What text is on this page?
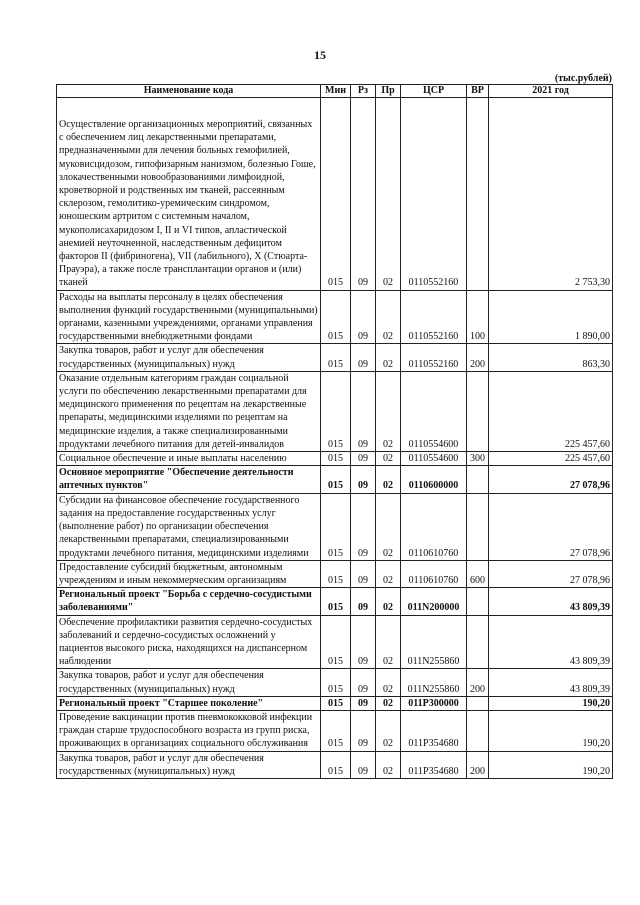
15
(тыс.рублей)
Наименование кода	Мин	Рз	Пр	ЦСР	ВР	2021 год
Осуществление организационных мероприятий, связанных с обеспечением лиц лекарственными препаратами, предназначенными для лечения больных гемофилией, муковисцидозом, гипофизарным нанизмом, болезнью Гоше, злокачественными новообразованиями лимфоидной, кроветворной и родственных им тканей, рассеянным склерозом, гемолитико-уремическим синдромом, юношеским артритом с системным началом, мукополисахаридозом I, II и VI типов, апластической анемией неуточненной, наследственным дефицитом факторов II (фибриногена), VII (лабильного), X (Стюарта-Прауэра), а также после трансплантации органов и (или) тканей	015	09	02	0110552160		2 753,30
Расходы на выплаты персоналу в целях обеспечения выполнения функций государственными (муниципальными) органами, казенными учреждениями, органами управления государственными внебюджетными фондами	015	09	02	0110552160	100	1 890,00
Закупка товаров, работ и услуг для обеспечения государственных (муниципальных) нужд	015	09	02	0110552160	200	863,30
Оказание отдельным категориям граждан социальной услуги по обеспечению лекарственными препаратами для медицинского применения по рецептам на лекарственные препараты, медицинскими изделиями по рецептам на медицинские изделия, а также специализированными продуктами лечебного питания для детей-инвалидов	015	09	02	0110554600		225 457,60
Социальное обеспечение и иные выплаты населению	015	09	02	0110554600	300	225 457,60
Основное мероприятие "Обеспечение деятельности аптечных пунктов"	015	09	02	0110600000		27 078,96
Субсидии на финансовое обеспечение государственного задания на предоставление государственных услуг (выполнение работ) по организации обеспечения лекарственными препаратами, специализированными продуктами лечебного питания, медицинскими изделиями	015	09	02	0110610760		27 078,96
Предоставление субсидий бюджетным, автономным учреждениям и иным некоммерческим организациям	015	09	02	0110610760	600	27 078,96
Региональный проект "Борьба с сердечно-сосудистыми заболеваниями"	015	09	02	011N200000		43 809,39
Обеспечение профилактики развития сердечно-сосудистых заболеваний и сердечно-сосудистых осложнений у пациентов высокого риска, находящихся на диспансерном наблюдении	015	09	02	011N255860		43 809,39
Закупка товаров, работ и услуг для обеспечения государственных (муниципальных) нужд	015	09	02	011N255860	200	43 809,39
Региональный проект "Старшее поколение"	015	09	02	011P300000		190,20
Проведение вакцинации против пневмококковой инфекции граждан старше трудоспособного возраста из групп риска, проживающих в организациях социального обслуживания	015	09	02	011P354680		190,20
Закупка товаров, работ и услуг для обеспечения государственных (муниципальных) нужд	015	09	02	011P354680	200	190,20
